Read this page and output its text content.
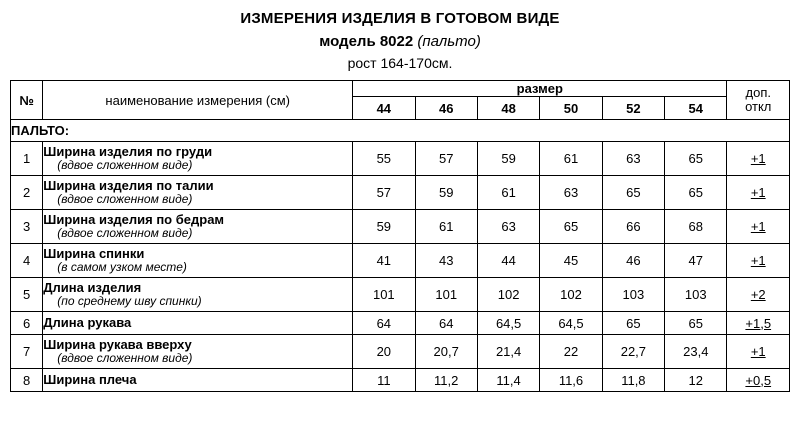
ИЗМЕРЕНИЯ ИЗДЕЛИЯ В ГОТОВОМ ВИДЕ
модель 8022 (пальто)
рост 164-170см.
№	наименование измерения (см)	размер						доп.
откл

		44	46	48	50	52	54	
ПАЛЬТО:								
1	Ширина изделия по груди
(вдвое сложенном виде)	55	57	59	61	63	65	+1
2	Ширина изделия по талии
(вдвое сложенном виде)	57	59	61	63	65	65	+1
3	Ширина изделия по бедрам
(вдвое сложенном виде)	59	61	63	65	66	68	+1
4	Ширина спинки
(в самом узком месте)	41	43	44	45	46	47	+1
5	Длина изделия
(по среднему шву спинки)	101	101	102	102	103	103	+2
6	Длина рукава	64	64	64,5	64,5	65	65	+1,5
7	Ширина рукава вверху
(вдвое сложенном виде)	20	20,7	21,4	22	22,7	23,4	+1
8	Ширина плеча	11	11,2	11,4	11,6	11,8	12	+0,5
